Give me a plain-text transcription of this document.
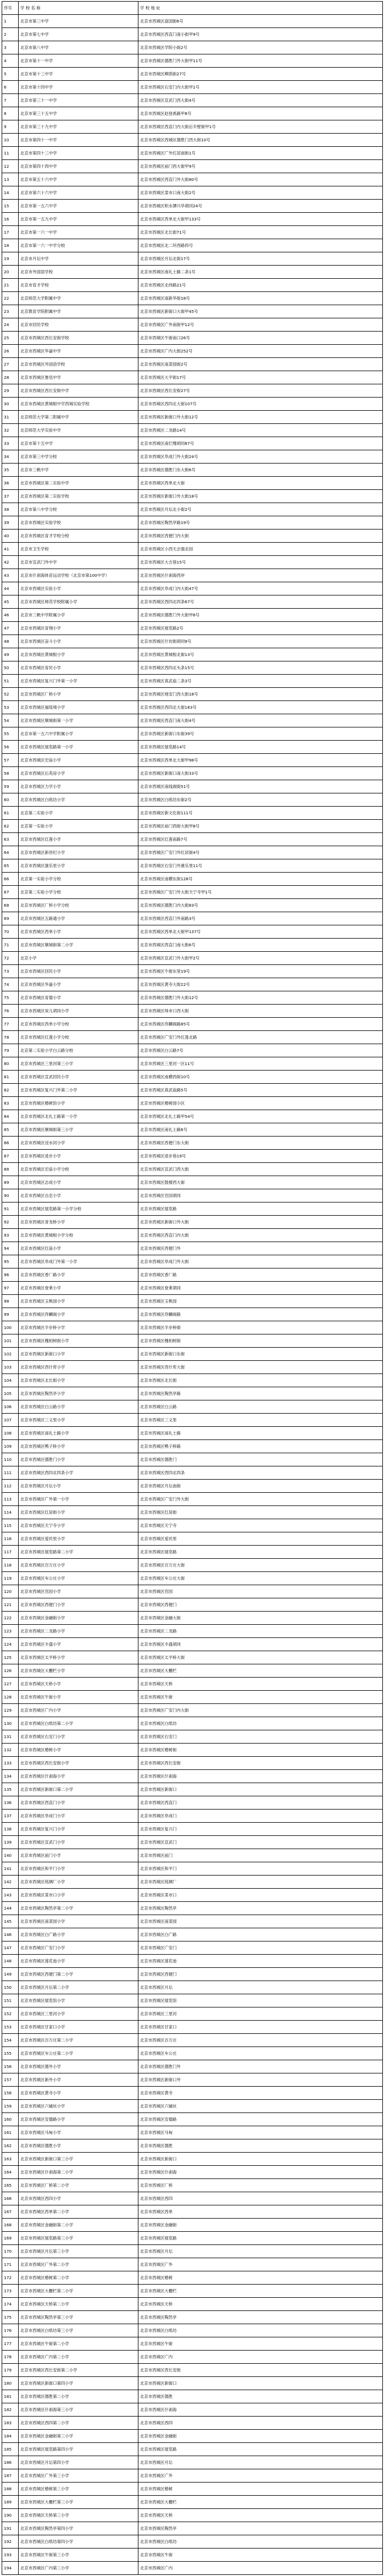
序号	学 校 名 称	学 校 地 址
1	北京市第三中学	北京市西城区富国街6号
2	北京市第七中学	北京市西城区西直门南小街甲9号
3	北京市第八中学	北京市西城区学院小街2号
4	北京市第十一中学	北京市西城区德胜门外大街甲11号
5	北京市第十三中学	北京市西城区柳荫街27号
6	北京市第十四中学	北京市西城区右安门内大街甲1号
7	北京市第三十一中学	北京市西城区宣武门西大街4号
8	北京市第三十五中学	北京市西城区赵登禹路甲8号
9	北京市第三十九中学	北京市西城区西直门内大街后半壁街甲1号
10	北京市第四十一中学	北京市西城区西城区德胜门西大街10号
11	北京市第四十三中学	北京市西城区广外红居南街1号
12	北京市第四十四中学	北京市西城区前门西大街甲9号
13	北京市第五十六中学	北京市西城区西直门外大街80号
14	北京市第六十六中学	北京市西城区菜市口南大街2号
15	北京市第一五六中学	北京市西城区积水潭兴华胡同24号
16	北京市第一五九中学	北京市西城区西单北大街甲133号
17	北京市第一六一中学	北京市西城区北长街71号
18	北京市第一六一中学分校	北京市西城区北二环西路四号
19	北京市月坛中学	北京市西城区月坛北街17号
20	北京市外国语学校	北京市西城区南礼士路二条1号
21	北京市育才学校	北京市西城区北纬路21号
22	北京师范大学附属中学	北京市西城区南新华街18号
23	北京教育学院附属中学	北京市西城区新街口大街甲45号
24	北京市回民学校	北京市西城区广外南街甲12号
25	北京市西城区西长安街学校	北京市西城区牛街南口26号
26	北京市西城区华嘉中学	北京市西城区广内大街252号
27	北京市西城区外国语学校	北京市西城区南菜园街2号
28	北京市西城区鲁迅中学	北京市西城区大平街17号
29	北京市西城区西长安街中学	北京市西城区西长安街27号
30	北京市西城区黄城根中学西城实验学校	北京市西城区西四北大街107号
31	北京师范大学第二附属中学	北京市西城区新街口外大街12号
32	北京师范大学实验中学	北京市西城区二龙路14号
33	北京市第十五中学	北京市西城区南烂缦胡同87号
34	北京市第三中学分校	北京市西城区阜成门外大街24号
35	北京市三帆中学	北京市西城区德胜门东大街6号
36	北京市西城区第二实验中学	北京市西城区西单北大街
37	北京市西城区第二实验学校	北京市西城区新街口外大街18号
38	北京市第八中学分校	北京市西城区月坛北小街2号
39	北京市西城区实验学校	北京市西城区陶然亭路19号
40	北京市西城区育才学校分校	北京市西城区西便门内大街
41	北京市卫生学校	北京市西城区小西天志强北园
42	北京市宣武门外中学	北京市西城区大吉巷15号
43	北京市什刹海体育运动学校（北京市第100中学）	北京市西城区什刹海西岸
44	北京市西城区实验小学	北京市西城区阜成门内大街47号
45	北京市西城区师范学校附属小学	北京市西城区西四北四条67号
46	北京市三帆中学附属小学	北京市西城区德胜门外大街甲6号
47	北京市西城区育翔小学	北京市西城区展览路2号
48	北京市西城区奋斗小学	北京市西城区什坊街胡同9号
49	北京市西城区黄城根小学	北京市西城区黄城根北街13号
50	北京市西城区育民小学	北京市西城区西四北头条15号
51	北京市西城区复兴门外第一小学	北京市西城区真武庙二条3号
52	北京市西城区厂桥小学	北京市西城区地安门西大街18号
53	北京市西城区福绥境小学	北京市西城区西四北大街183号
54	北京市西城区顺城街第一小学	北京市西城区西直门南大街4号
55	北京市第一五六中学附属小学	北京市西城区新街口东街39号
56	北京市西城区展览路第一小学	北京市西城区展览路14号
57	北京市西城区宏庙小学	北京市西城区西单北大街甲98号
58	北京市西城区后英房小学	北京市西城区新街口南大街33号
59	北京市西城区力学小学	北京市西城区南线阁街51号
60	北京市西城区白纸坊小学	北京市西城区白纸坊东街2号
61	北京第二实验小学	北京市西城区新文化街111号
62	北京第一实验小学	北京市西城区前门西街大街甲8号
63	北京市西城区红莲小学	北京市西城区红莲南路7号
64	北京市西城区新世纪小学	北京市西城区广安门外红居街4号
65	北京市西城区康乐里小学	北京市西城区右安门外康乐里11号
66	北京第一实验小学分校	北京市西城区南横东街128号
67	北京第二实验小学分校	北京市西城区广安门外大街天宁寺甲1号
68	北京市西城区厂桥小学分校	北京市西城区德胜门内大街83号
69	北京市西城区五路通小学	北京市西城区西直门外南路3号
70	北京市西城区西单小学	北京市西城区西单北大街甲137号
71	北京市西城区顺城街第二小学	北京市西城区西直门南大街6号
72	北京小学	北京市西城区宣武门外大街甲2号
73	北京市西城区回民小学	北京市西城区牛街东里19号
74	北京市西城区华嘉小学	北京市西城区黄寺大街22号
75	北京市西城区育德小学	北京市西城区德胜门外大街12号
76	北京市西城区炭儿胡同小学	北京市西城区珠市口西大街
77	北京市西城区西单小学分校	北京市西城区佟麟阁路85号
78	北京市西城区红莲小学分校	北京市西城区广安门外红莲北路
79	北京第二实验小学白云路分校	北京市西城区白云路7号
80	北京市西城区三里河第三小学	北京市西城区三里河一区11号
81	北京市西城区宣武回民小学	北京市西城区南横西街10号
82	北京市西城区复兴门外第二小学	北京市西城区真武庙路5号
83	北京市西城区椿树馆小学	北京市西城区椿树园小区
84	北京市西城区北礼士路第一小学	北京市西城区北礼士路甲54号
85	北京市西城区顺城街第三小学	北京市西城区南礼士路6号
86	北京市西城区涭水河小学	北京市西城区西便门东大街
87	北京市西城区进步小学	北京市西城区进步巷19号
88	北京市西城区宏庙小学分校	北京市西城区宣武门西大街
89	北京市西城区志成小学	北京市西城区鼓楼西大街
90	北京市西城区自忠小学	北京市西城区官园胡同
91	北京市西城区展览路第一小学分校	北京市西城区展览路
92	北京市西城区青龙桥小学	北京市西城区新街口外大街
93	北京市西城区黄城根小学分校	北京市西城区西直门内大街
94	北京市西城区红庙小学	北京市西城区西便门外
95	北京市西城区阜成门外第一小学	北京市西城区阜成门外大街
96	北京市西城区香厂路小学	北京市西城区香厂路
97	北京市西城区登莱小学	北京市西城区登莱胡同
98	北京市西城区玉桃园小学	北京市西城区玉桃园
99	北京市西城区佟麟阁小学	北京市西城区佟麟阁路
100	北京市西城区半步桥小学	北京市西城区半步桥街
101	北京市西城区槐柏树街小学	北京市西城区槐柏树街
102	北京市西城区新街口小学	北京市西城区新街口东街
103	北京市西城区西什库小学	北京市西城区西什库大街
104	北京市西城区北长街小学	北京市西城区北长街
105	北京市西城区陶然亭小学	北京市西城区陶然亭路
106	北京市西城区白云路小学	北京市西城区白云路
107	北京市西城区三义里小学	北京市西城区三义里
108	北京市西城区南礼士路小学	北京市西城区南礼士路
109	北京市西城区鸭子桥小学	北京市西城区鸭子桥路
110	北京市西城区德胜门小学	北京市西城区德胜门
111	北京市西城区西四北四条小学	北京市西城区西四北四条
112	北京市西城区月坛小学	北京市西城区月坛南街
113	北京市西城区广外第一小学	北京市西城区广安门外大街
114	北京市西城区红居街小学	北京市西城区红居街
115	北京市西城区天宁寺小学	北京市西城区天宁寺
116	北京市西城区爱民里小学	北京市西城区爱民里
117	北京市西城区展览路第二小学	北京市西城区展览路
118	北京市西城区百万庄小学	北京市西城区百万庄大街
119	北京市西城区车公庄小学	北京市西城区车公庄大街
120	北京市西城区官园小学	北京市西城区官园
121	北京市西城区西便门小学	北京市西城区西便门
122	北京市西城区金融街小学	北京市西城区金融大街
123	北京市西城区二龙路小学	北京市西城区二龙路
124	北京市西城区丰盛小学	北京市西城区丰盛胡同
125	北京市西城区太平桥小学	北京市西城区太平桥大街
126	北京市西城区大栅栏小学	北京市西城区大栅栏
127	北京市西城区天桥小学	北京市西城区天桥
128	北京市西城区牛街小学	北京市西城区牛街
129	北京市西城区广内小学	北京市西城区广安门内大街
130	北京市西城区白纸坊第二小学	北京市西城区白纸坊
131	北京市西城区右安门小学	北京市西城区右安门
132	北京市西城区椿树小学	北京市西城区椿树街
133	北京市西城区西长安街小学	北京市西城区西长安街
134	北京市西城区什刹海小学	北京市西城区什刹海
135	北京市西城区新街口第二小学	北京市西城区新街口
136	北京市西城区西直门小学	北京市西城区西直门
137	北京市西城区阜成门小学	北京市西城区阜成门
138	北京市西城区复兴门小学	北京市西城区复兴门
139	北京市西城区宣武门小学	北京市西城区宣武门
140	北京市西城区前门小学	北京市西城区前门
141	北京市西城区和平门小学	北京市西城区和平门
142	北京市西城区琉璃厂小学	北京市西城区琉璃厂
143	北京市西城区菜市口小学	北京市西城区菜市口
144	北京市西城区陶然亭第二小学	北京市西城区陶然亭
145	北京市西城区南菜园小学	北京市西城区南菜园
146	北京市西城区白广路小学	北京市西城区白广路
147	北京市西城区广安门小学	北京市西城区广安门
148	北京市西城区莲花池小学	北京市西城区莲花池
149	北京市西城区西便门第二小学	北京市西城区西便门
150	北京市西城区月坛第二小学	北京市西城区月坛
151	北京市西城区展览馆小学	北京市西城区展览馆
152	北京市西城区三里河小学	北京市西城区三里河
153	北京市西城区甘家口小学	北京市西城区甘家口
154	北京市西城区百万庄第二小学	北京市西城区百万庄
155	北京市西城区车公庄第二小学	北京市西城区车公庄
156	北京市西城区德外小学	北京市西城区德胜门外
157	北京市西城区新外小学	北京市西城区新街口外
158	北京市西城区黄寺小学	北京市西城区黄寺
159	北京市西城区六铺炕小学	北京市西城区六铺炕
160	北京市西城区安德路小学	北京市西城区安德路
161	北京市西城区马甸小学	北京市西城区马甸
162	北京市西城区德胜小学	北京市西城区德胜
163	北京市西城区新街口第三小学	北京市西城区新街口
164	北京市西城区什刹海第二小学	北京市西城区什刹海
165	北京市西城区厂桥第二小学	北京市西城区厂桥
166	北京市西城区西四小学	北京市西城区西四
167	北京市西城区西单第二小学	北京市西城区西单
168	北京市西城区金融街第二小学	北京市西城区金融街
169	北京市西城区展览路第三小学	北京市西城区展览路
170	北京市西城区月坛第三小学	北京市西城区月坛
171	北京市西城区广外第二小学	北京市西城区广外
172	北京市西城区椿树第二小学	北京市西城区椿树
173	北京市西城区大栅栏第二小学	北京市西城区大栅栏
174	北京市西城区天桥第二小学	北京市西城区天桥
175	北京市西城区陶然亭第三小学	北京市西城区陶然亭
176	北京市西城区白纸坊第三小学	北京市西城区白纸坊
177	北京市西城区牛街第二小学	北京市西城区牛街
178	北京市西城区广内第二小学	北京市西城区广内
179	北京市西城区西长安街第二小学	北京市西城区西长安街
180	北京市西城区新街口第四小学	北京市西城区新街口
181	北京市西城区德胜第二小学	北京市西城区德胜
182	北京市西城区什刹海第三小学	北京市西城区什刹海
183	北京市西城区西四第二小学	北京市西城区西四
184	北京市西城区金融街第三小学	北京市西城区金融街
185	北京市西城区展览路第四小学	北京市西城区展览路
186	北京市西城区月坛第四小学	北京市西城区月坛
187	北京市西城区广外第三小学	北京市西城区广外
188	北京市西城区椿树第三小学	北京市西城区椿树
189	北京市西城区大栅栏第三小学	北京市西城区大栅栏
190	北京市西城区天桥第三小学	北京市西城区天桥
191	北京市西城区陶然亭第四小学	北京市西城区陶然亭
192	北京市西城区白纸坊第四小学	北京市西城区白纸坊
193	北京市西城区牛街第三小学	北京市西城区牛街
194	北京市西城区广内第三小学	北京市西城区广内
